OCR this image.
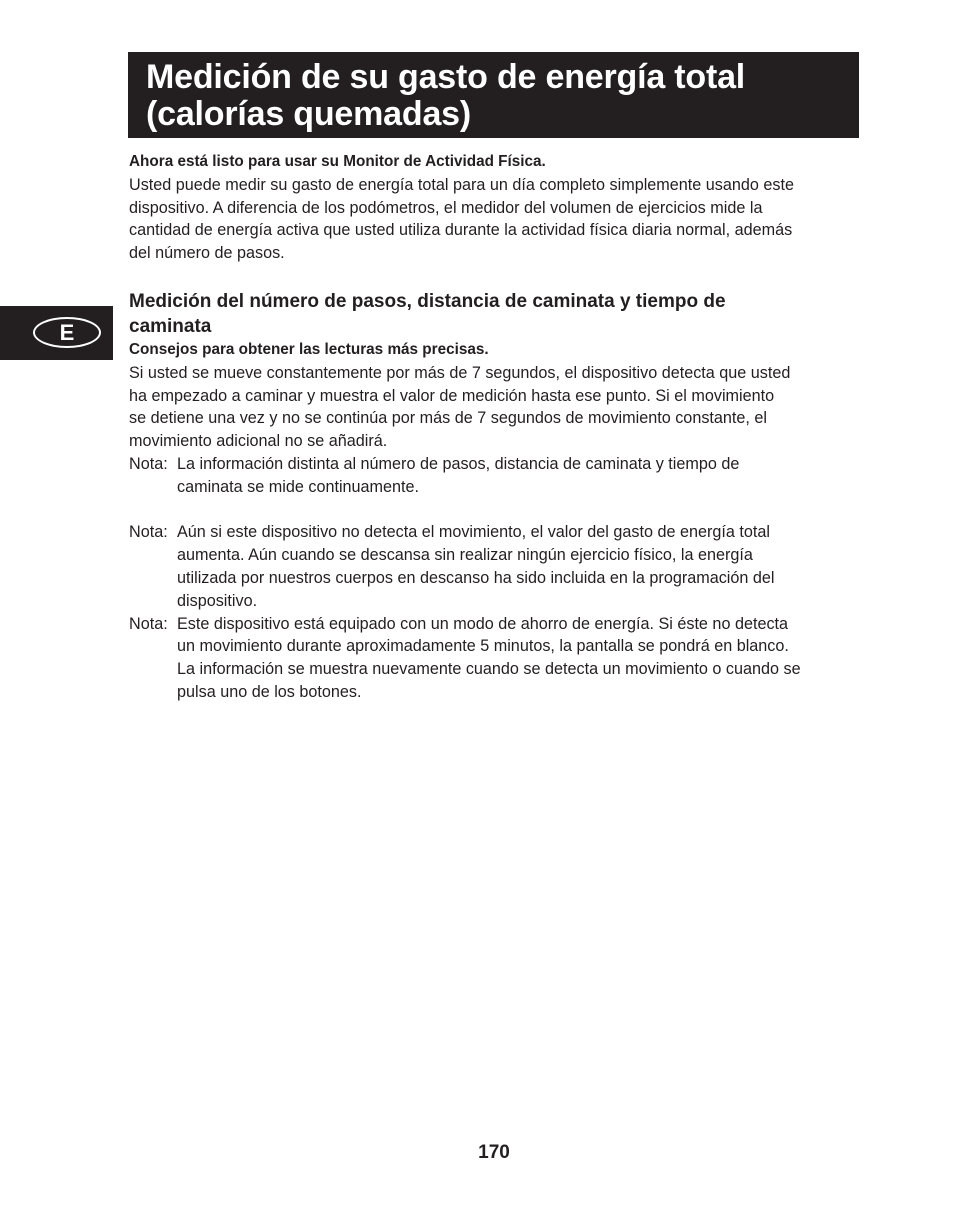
Medición de su gasto de energía total
(calorías quemadas)
E

Ahora está listo para usar su Monitor de Actividad Física.

Usted puede medir su gasto de energía total para un día completo simplemente usando este
dispositivo. A diferencia de los podómetros, el medidor del volumen de ejercicios mide la
cantidad de energía activa que usted utiliza durante la actividad física diaria normal, además
del número de pasos.

Medición del número de pasos, distancia de caminata y tiempo de
caminata

Consejos para obtener las lecturas más precisas.

Si usted se mueve constantemente por más de 7 segundos, el dispositivo detecta que usted
ha empezado a caminar y muestra el valor de medición hasta ese punto. Si el movimiento
se detiene una vez y no se continúa por más de 7 segundos de movimiento constante, el
movimiento adicional no se añadirá.

Nota: La información distinta al número de pasos, distancia de caminata y tiempo de
caminata se mide continuamente.
Nota: Aún si este dispositivo no detecta el movimiento, el valor del gasto de energía total
aumenta. Aún cuando se descansa sin realizar ningún ejercicio físico, la energía
utilizada por nuestros cuerpos en descanso ha sido incluida en la programación del
dispositivo.
Nota: Este dispositivo está equipado con un modo de ahorro de energía. Si éste no detecta
un movimiento durante aproximadamente 5 minutos, la pantalla se pondrá en blanco.
La información se muestra nuevamente cuando se detecta un movimiento o cuando se
pulsa uno de los botones.
170
